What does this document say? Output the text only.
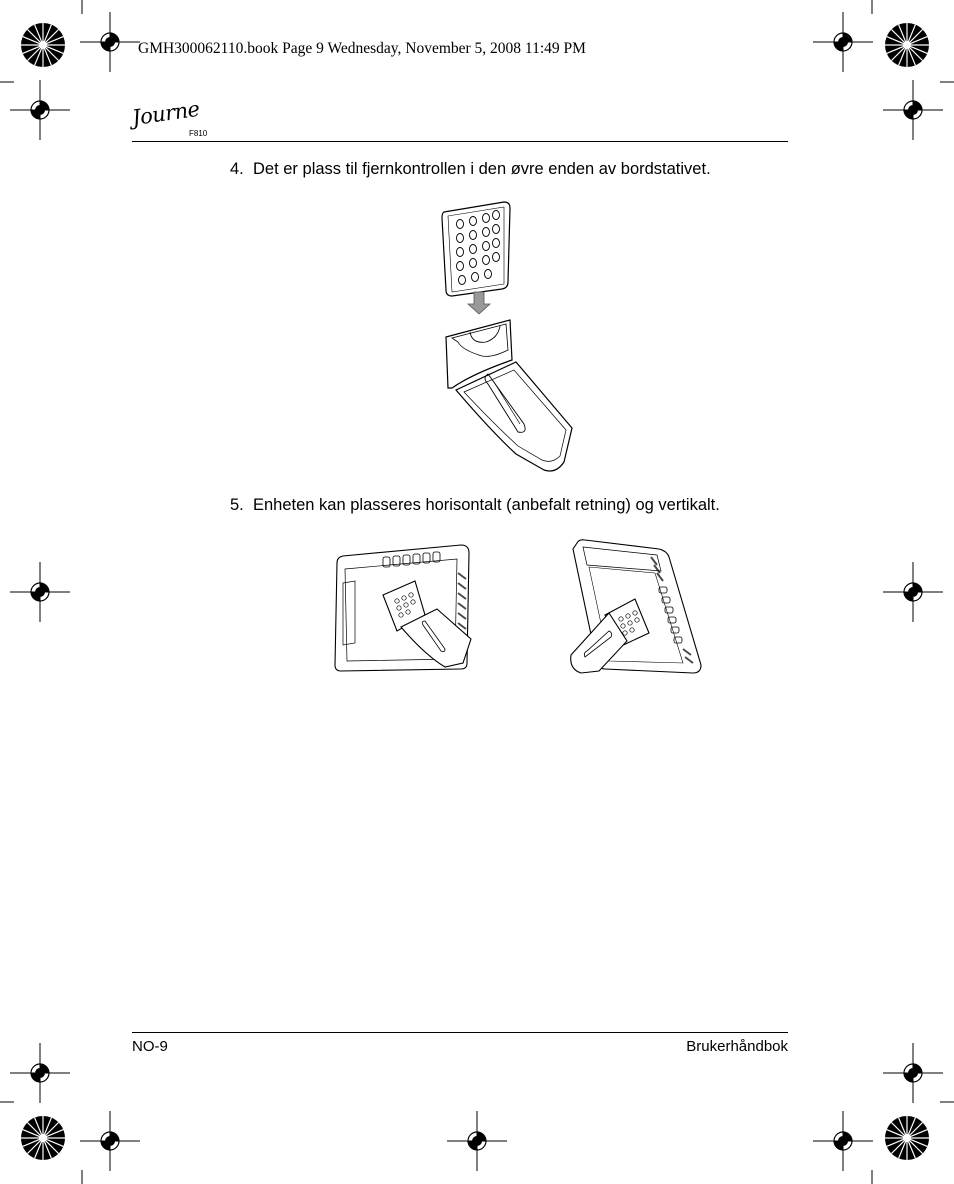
GMH300062110.book Page 9 Wednesday, November 5, 2008 11:49 PM
Journe
F810
4. Det er plass til fjernkontrollen i den øvre enden av bordstativet.
5. Enheten kan plasseres horisontalt (anbefalt retning) og vertikalt.
NO-9	Brukerhåndbok
